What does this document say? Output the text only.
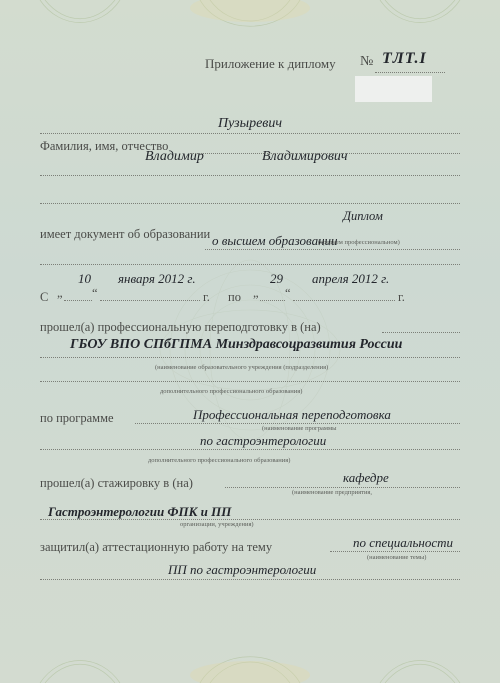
Приложение к диплому № ТЛТ.І
Пузыревич
Фамилия, имя, отчество
Владимир	Владимирович
Диплом
имеет документ об образовании о высшем образовании
(среднем профессиональном)
10 января 2012 г.	29 апреля 2012 г.
С „ “	г. по „ “	г.
прошел(а) профессиональную переподготовку в (на)
ГБОУ ВПО СПбГПМА Минздравсоцразвития России
(наименование образовательного учреждения (подразделения)
дополнительного профессионального образования)
по программе	Профессиональная переподготовка
(наименование программы
по гастроэнтерологии
дополнительного профессионального образования)
прошел(а) стажировку в (на)	кафедре
(наименование предприятия,
Гастроэнтерологии ФПК и ПП
организации, учреждения)
защитил(а) аттестационную работу на тему	по специальности
(наименование темы)
ПП по гастроэнтерологии
